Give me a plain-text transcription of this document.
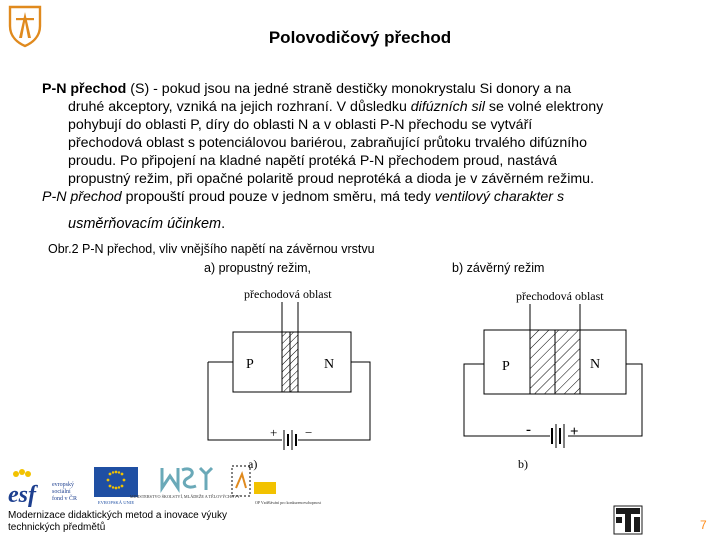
Polovodičový přechod
P-N přechod (S) - pokud jsou na jedné straně destičky monokrystalu Si donory a na
druhé akceptory, vzniká na jejich rozhraní. V důsledku difúzních sil se volné elektrony
pohybují do oblasti P, díry do oblasti N a v oblasti P-N přechodu se vytváří
přechodová oblast s potenciálovou bariérou, zabraňující průtoku trvalého difúzního
proudu. Po připojení na kladné napětí protéká P-N přechodem proud, nastává
propustný režim, při opačné polaritě proud neprotéká a dioda je v závěrném režimu.
P-N přechod propouští proud pouze v jednom směru, má tedy ventilový charakter s
usměrňovacím účinkem.
Obr.2 P-N přechod, vliv vnějšího napětí na závěrnou vrstvu
a) propustný režim,	b) závěrný režim
přechodová oblast
P	N
+ −
a)
přechodová oblast
P	N
-	+
b)
esf	evropský
sociální
fond v ČR
EVROPSKÁ UNIE
MINISTERSTVO ŠKOLSTVÍ, MLÁDEŽE A TĚLOVÝCHOVY
OP Vzdělávání pro konkurenceschopnost
Modernizace didaktických metod a inovace výuky
technických předmětů	7
